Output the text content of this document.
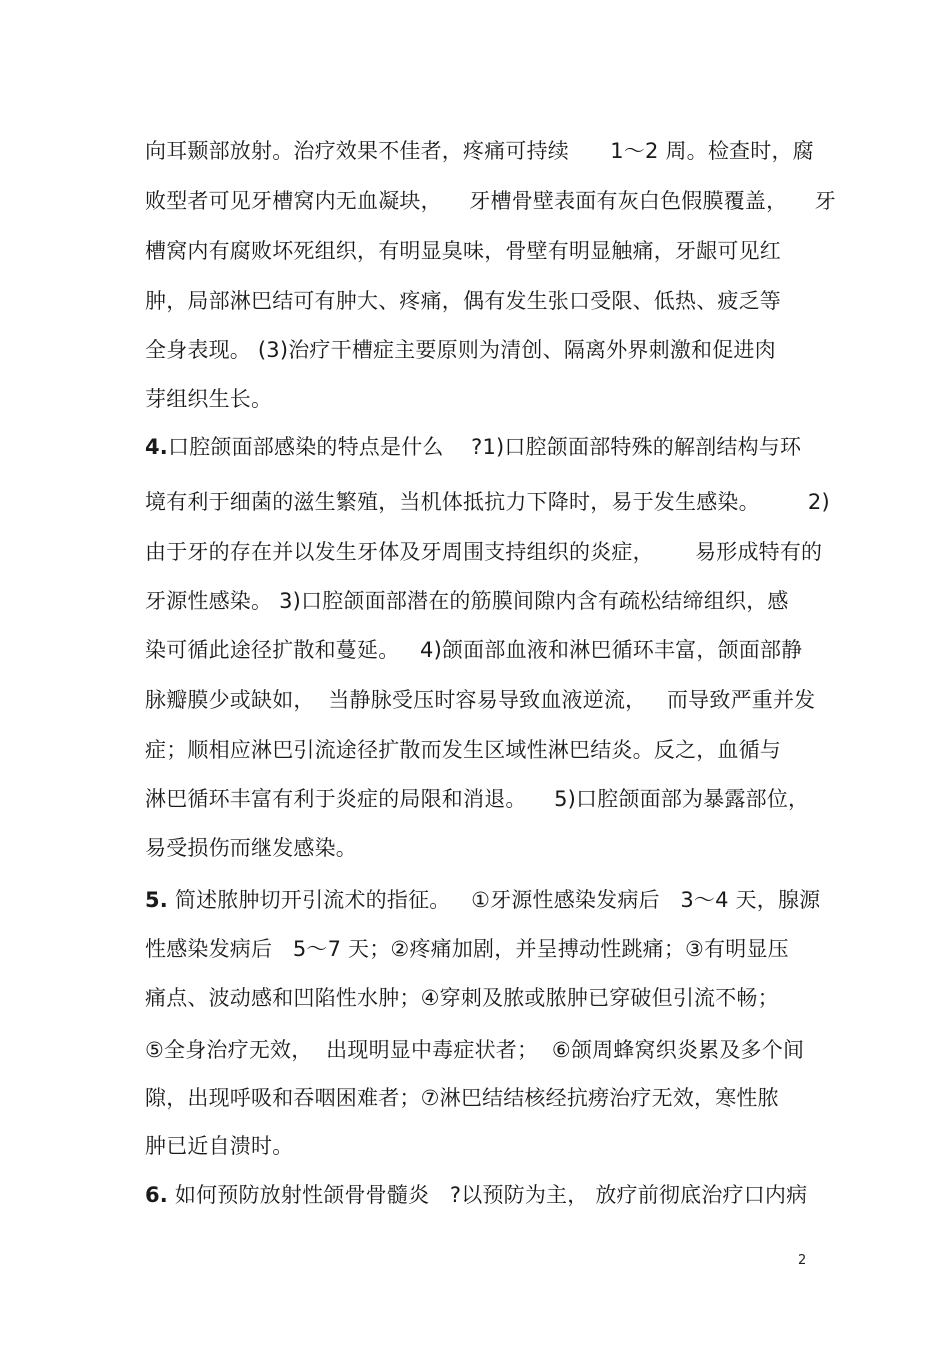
向耳颞部放射。治疗效果不佳者，疼痛可持续      1～2 周。检查时，腐
败型者可见牙槽窝内无血凝块，    牙槽骨壁表面有灰白色假膜覆盖，    牙
槽窝内有腐败坏死组织，有明显臭味，骨壁有明显触痛，牙龈可见红
肿，局部淋巴结可有肿大、疼痛，偶有发生张口受限、低热、疲乏等
全身表现。 (3)治疗干槽症主要原则为清创、隔离外界刺激和促进肉
芽组织生长。
4.口腔颌面部感染的特点是什么    ?1)口腔颌面部特殊的解剖结构与环
境有利于细菌的滋生繁殖，当机体抵抗力下降时，易于发生感染。       2)
由于牙的存在并以发生牙体及牙周围支持组织的炎症，      易形成特有的
牙源性感染。 3)口腔颌面部潜在的筋膜间隙内含有疏松结缔组织，感
染可循此途径扩散和蔓延。   4)颌面部血液和淋巴循环丰富，颌面部静
脉瓣膜少或缺如，  当静脉受压时容易导致血液逆流，   而导致严重并发
症；顺相应淋巴引流途径扩散而发生区域性淋巴结炎。反之，血循与
淋巴循环丰富有利于炎症的局限和消退。    5)口腔颌面部为暴露部位，
易受损伤而继发感染。
5. 简述脓肿切开引流术的指征。   ①牙源性感染发病后   3～4 天，腺源
性感染发病后   5～7 天；②疼痛加剧，并呈搏动性跳痛；③有明显压
痛点、波动感和凹陷性水肿；④穿刺及脓或脓肿已穿破但引流不畅；
⑤全身治疗无效，  出现明显中毒症状者；  ⑥颌周蜂窝织炎累及多个间
隙，出现呼吸和吞咽困难者；⑦淋巴结结核经抗痨治疗无效，寒性脓
肿已近自溃时。
6. 如何预防放射性颌骨骨髓炎   ?以预防为主， 放疗前彻底治疗口内病
2
